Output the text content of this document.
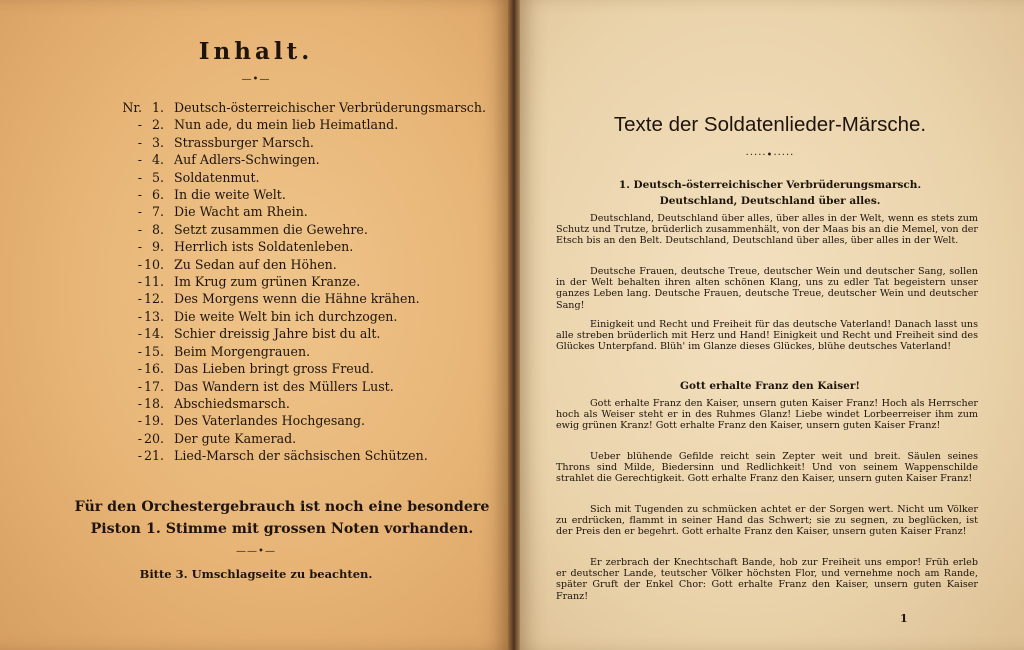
Inhalt.
—•—
Nr. 1. Deutsch-österreichischer Verbrüderungsmarsch.
- 2. Nun ade, du mein lieb Heimatland.
- 3. Strassburger Marsch.
- 4. Auf Adlers-Schwingen.
- 5. Soldatenmut.
- 6. In die weite Welt.
- 7. Die Wacht am Rhein.
- 8. Setzt zusammen die Gewehre.
- 9. Herrlich ists Soldatenleben.
- 10. Zu Sedan auf den Höhen.
- 11. Im Krug zum grünen Kranze.
- 12. Des Morgens wenn die Hähne krähen.
- 13. Die weite Welt bin ich durchzogen.
- 14. Schier dreissig Jahre bist du alt.
- 15. Beim Morgengrauen.
- 16. Das Lieben bringt gross Freud.
- 17. Das Wandern ist des Müllers Lust.
- 18. Abschiedsmarsch.
- 19. Des Vaterlandes Hochgesang.
- 20. Der gute Kamerad.
- 21. Lied-Marsch der sächsischen Schützen.
Für den Orchestergebrauch ist noch eine besondere
Piston 1. Stimme mit grossen Noten vorhanden.
——•—
Bitte 3. Umschlagseite zu beachten.
Texte der Soldatenlieder-Märsche.
·····•·····
1. Deutsch-österreichischer Verbrüderungsmarsch.
Deutschland, Deutschland über alles.
Deutschland, Deutschland über alles, über alles in der Welt, wenn es stets zum Schutz und Trutze, brüderlich zusammenhält, von der Maas bis an die Memel, von der Etsch bis an den Belt. Deutschland, Deutschland über alles, über alles in der Welt.
Deutsche Frauen, deutsche Treue, deutscher Wein und deutscher Sang, sollen in der Welt behalten ihren alten schönen Klang, uns zu edler Tat begeistern unser ganzes Leben lang. Deutsche Frauen, deutsche Treue, deutscher Wein und deutscher Sang!
Einigkeit und Recht und Freiheit für das deutsche Vaterland! Danach lasst uns alle streben brüderlich mit Herz und Hand! Einigkeit und Recht und Freiheit sind des Glückes Unterpfand. Blüh' im Glanze dieses Glückes, blühe deutsches Vaterland!
Gott erhalte Franz den Kaiser!
Gott erhalte Franz den Kaiser, unsern guten Kaiser Franz! Hoch als Herrscher hoch als Weiser steht er in des Ruhmes Glanz! Liebe windet Lorbeerreiser ihm zum ewig grünen Kranz! Gott erhalte Franz den Kaiser, unsern guten Kaiser Franz!
Ueber blühende Gefilde reicht sein Zepter weit und breit. Säulen seines Throns sind Milde, Biedersinn und Redlichkeit! Und von seinem Wappenschilde strahlet die Gerechtigkeit. Gott erhalte Franz den Kaiser, unsern guten Kaiser Franz!
Sich mit Tugenden zu schmücken achtet er der Sorgen wert. Nicht um Völker zu erdrücken, flammt in seiner Hand das Schwert; sie zu segnen, zu beglücken, ist der Preis den er begehrt. Gott erhalte Franz den Kaiser, unsern guten Kaiser Franz!
Er zerbrach der Knechtschaft Bande, hob zur Freiheit uns empor! Früh erleb er deutscher Lande, teutscher Völker höchsten Flor, und vernehme noch am Rande, später Gruft der Enkel Chor: Gott erhalte Franz den Kaiser, unsern guten Kaiser Franz!
1
